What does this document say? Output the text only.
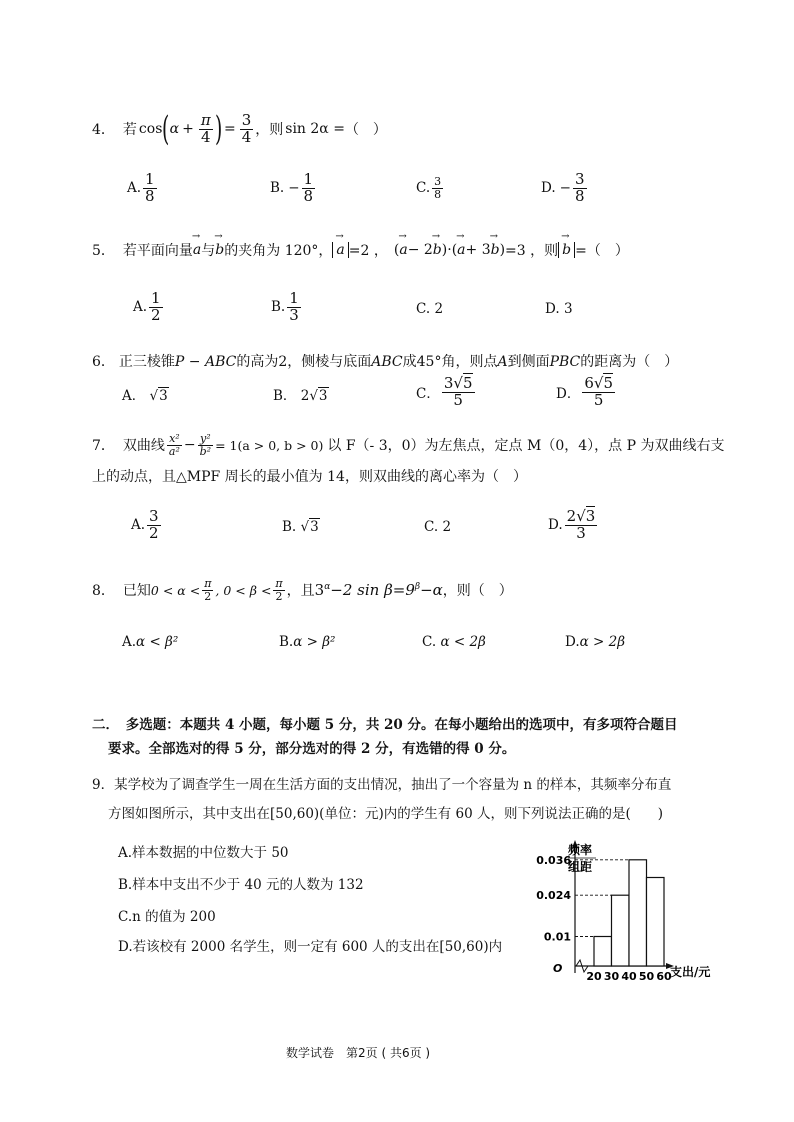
4． 若 cos ( $\alpha + \frac{\pi}{4}$ ) = $\frac{3}{4}$ ，则 sin 2α = （　）
A. $\frac{1}{8}$	B. − $\frac{1}{8}$	C. $\frac{3}{8}$	D. − $\frac{3}{8}$
5． 若平面向量 → a 与 → b 的夹角为 120°， → a =2 ， (→ a− 2→ b)·(→ a+ 3→ b) =3 ，则 → b =（　）
A. $\frac{1}{2}$	B. $\frac{1}{3}$	C. 2	D. 3
6． 正三棱锥P − ABC的高为2，侧棱与底面ABC成45°角，则点A到侧面PBC的距离为（　）
A． √3	B． 2√3	C． $\frac{3√5}{5}$	D． $\frac{6√5}{5}$
7． 双曲线 $\frac{\text{x²}}{\text{a²}} - \frac{\text{y²}}{\text{b²}} = 1(a > 0$, b > 0) 以 F（- 3，0）为左焦点，定点 M（0，4），点 P 为双曲线右支
上的动点，且△MPF 周长的最小值为 14，则双曲线的离心率为（　）
A. $\frac{3}{2}$	B. √3	C. 2	D. $\frac{2√3}{3}$
8． 已知 $0 < \alpha < \frac{\pi}{2}$ , $0 < \beta < \frac{\pi}{2}$ ，且 $3^\alpha-2$ $\sin \beta=9^\beta-\alpha$ ，则（　）
A.α < β²	B.α > β²	C. α < 2β	D.α > 2β
二．　多选题：本题共 4 小题，每小题 5 分，共 20 分。在每小题给出的选项中，有多项符合题目
要求。全部选对的得 5 分，部分选对的得 2 分，有选错的得 0 分。
9．某学校为了调查学生一周在生活方面的支出情况，抽出了一个容量为 n 的样本，其频率分布直
方图如图所示，其中支出在[50,60)(单位：元)内的学生有 60 人，则下列说法正确的是(　　)
A.样本数据的中位数大于 50
B.样本中支出不少于 40 元的人数为 132
C.n 的值为 200
D.若该校有 2000 名学生，则一定有 600 人的支出在[50,60)内
0.01
0.024
0.036
20 30 40 50 60
频率
组距
O	支出/元
数学试卷　第2页 ( 共6页 )
